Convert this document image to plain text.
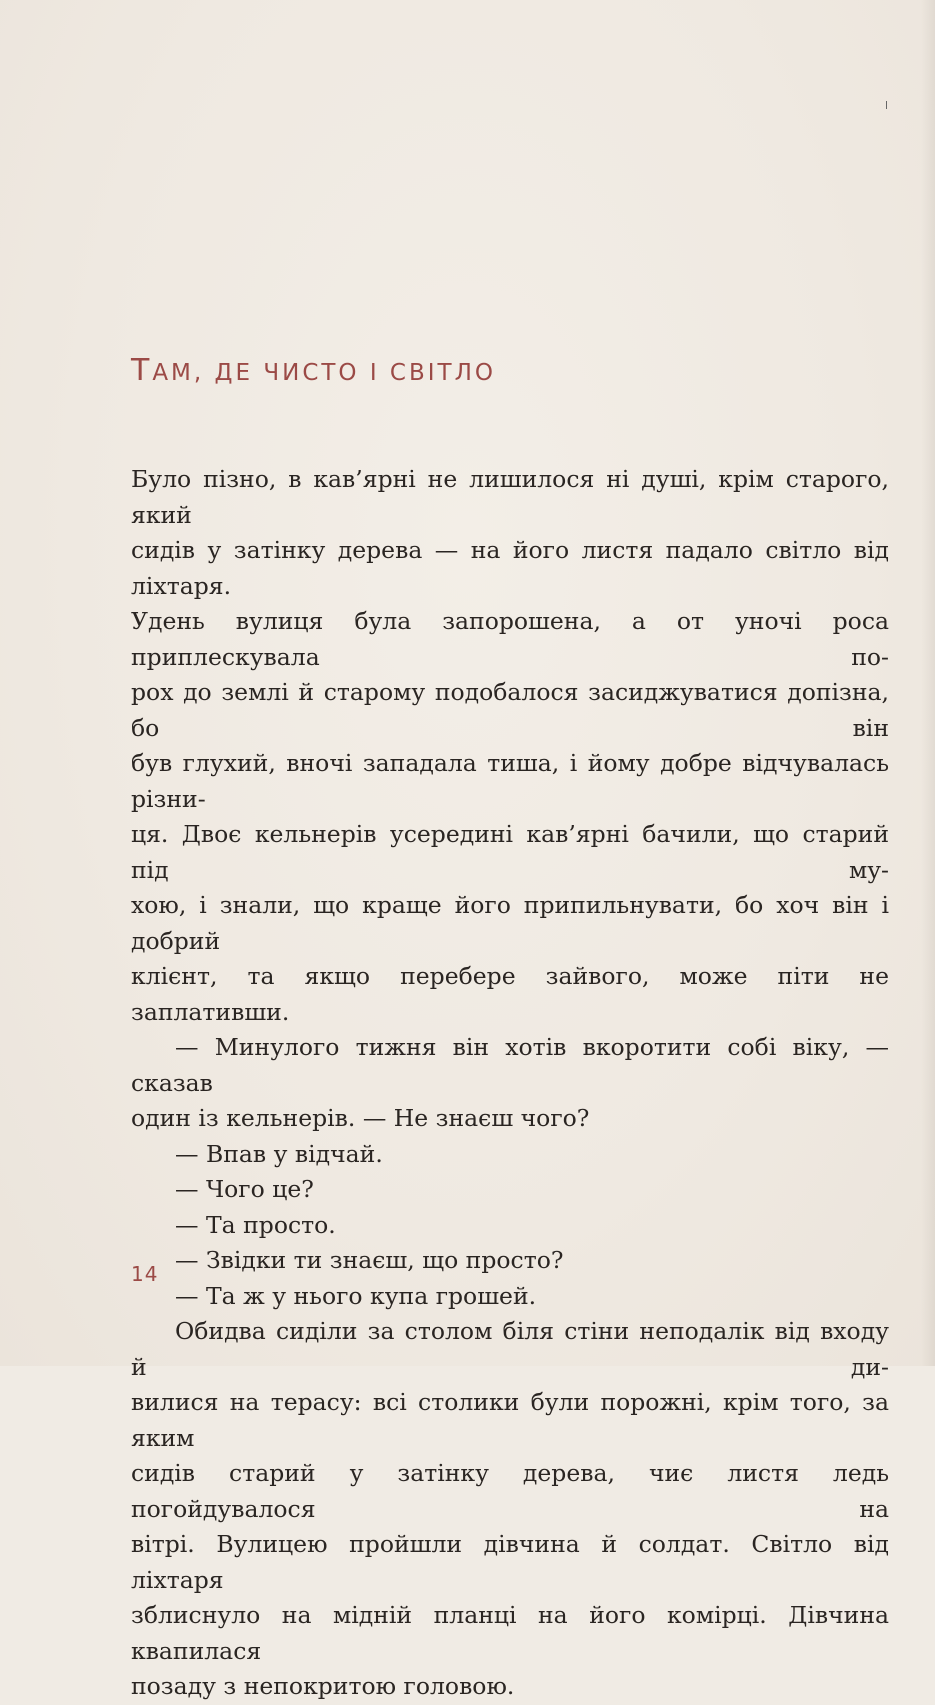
ТАМ, ДЕ ЧИСТО І СВІТЛО

Було пізно, в кав’ярні не лишилося ні душі, крім старого, який

сидів у затінку дерева — на його листя падало світло від ліхтаря.

Удень вулиця була запорошена, а от уночі роса приплескувала по-

рох до землі й старому подобалося засиджуватися допізна, бо він

був глухий, вночі западала тиша, і йому добре відчувалась різни-

ця. Двоє кельнерів усередині кав’ярні бачили, що старий під му-

хою, і знали, що краще його припильнувати, бо хоч він і добрий

клієнт, та якщо перебере зайвого, може піти не заплативши.

— Минулого тижня він хотів вкоротити собі віку, — сказав

один із кельнерів. — Не знаєш чого?

— Впав у відчай.

— Чого це?

— Та просто.

— Звідки ти знаєш, що просто?

— Та ж у нього купа грошей.

Обидва сиділи за столом біля стіни неподалік від входу й ди-

вилися на терасу: всі столики були порожні, крім того, за яким

сидів старий у затінку дерева, чиє листя ледь погойдувалося на

вітрі. Вулицею пройшли дівчина й солдат. Світло від ліхтаря

зблиснуло на мідній планці на його комірці. Дівчина квапилася

позаду з непокритою головою.

14
